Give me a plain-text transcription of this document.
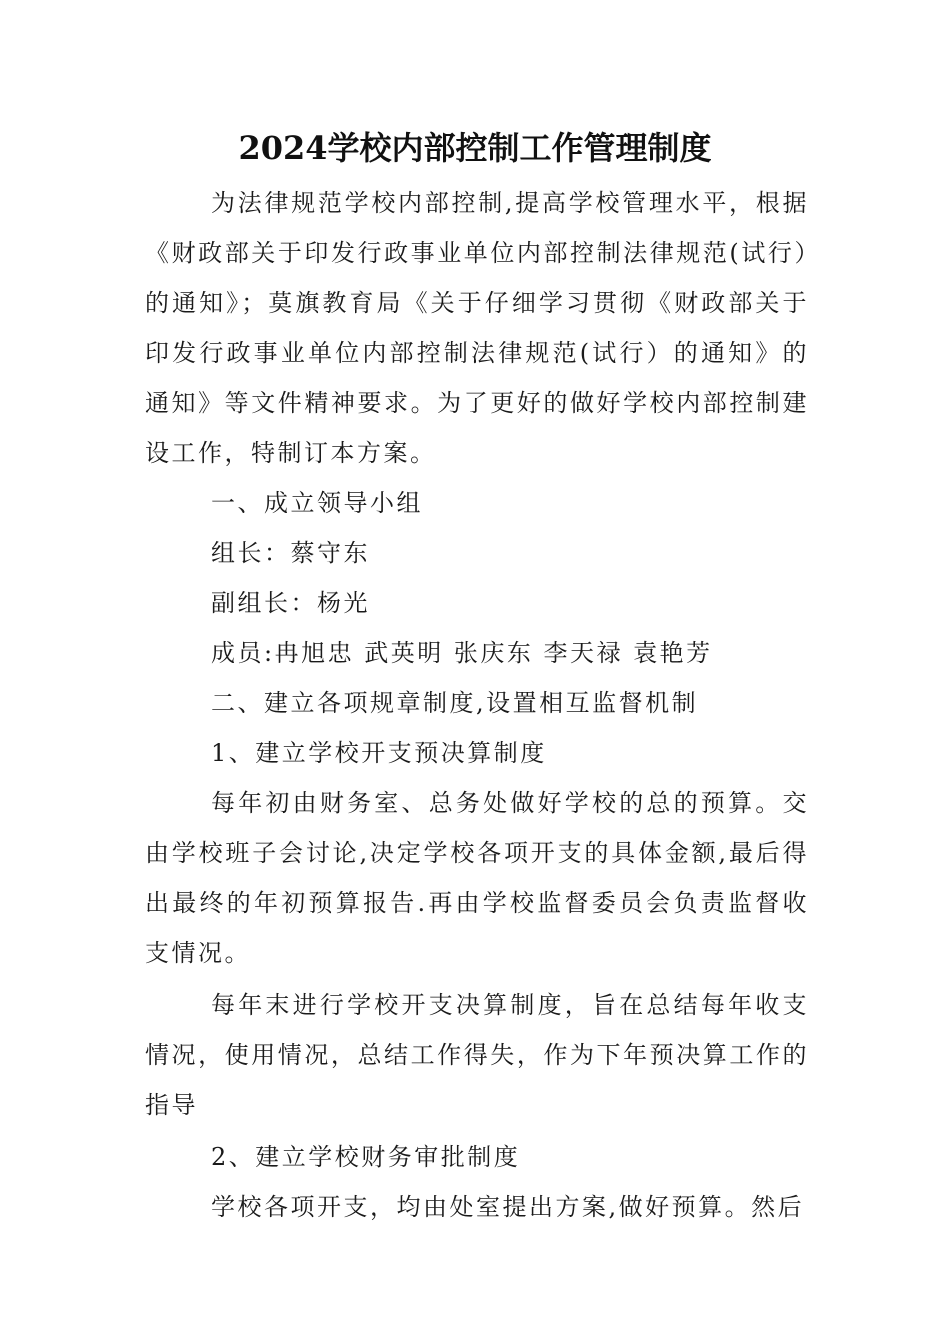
2024学校内部控制工作管理制度

为法律规范学校内部控制,提高学校管理水平，根据《财政部关于印发行政事业单位内部控制法律规范(试行）的通知》；莫旗教育局《关于仔细学习贯彻《财政部关于印发行政事业单位内部控制法律规范(试行）的通知》的通知》等文件精神要求。为了更好的做好学校内部控制建设工作，特制订本方案。

一、成立领导小组

组长：蔡守东

副组长：杨光

成员:冉旭忠 武英明 张庆东 李天禄 袁艳芳

二、建立各项规章制度,设置相互监督机制

1、建立学校开支预决算制度

每年初由财务室、总务处做好学校的总的预算。交由学校班子会讨论,决定学校各项开支的具体金额,最后得出最终的年初预算报告.再由学校监督委员会负责监督收支情况。

每年末进行学校开支决算制度，旨在总结每年收支情况，使用情况，总结工作得失，作为下年预决算工作的指导

2、建立学校财务审批制度

学校各项开支，均由处室提出方案,做好预算。然后
